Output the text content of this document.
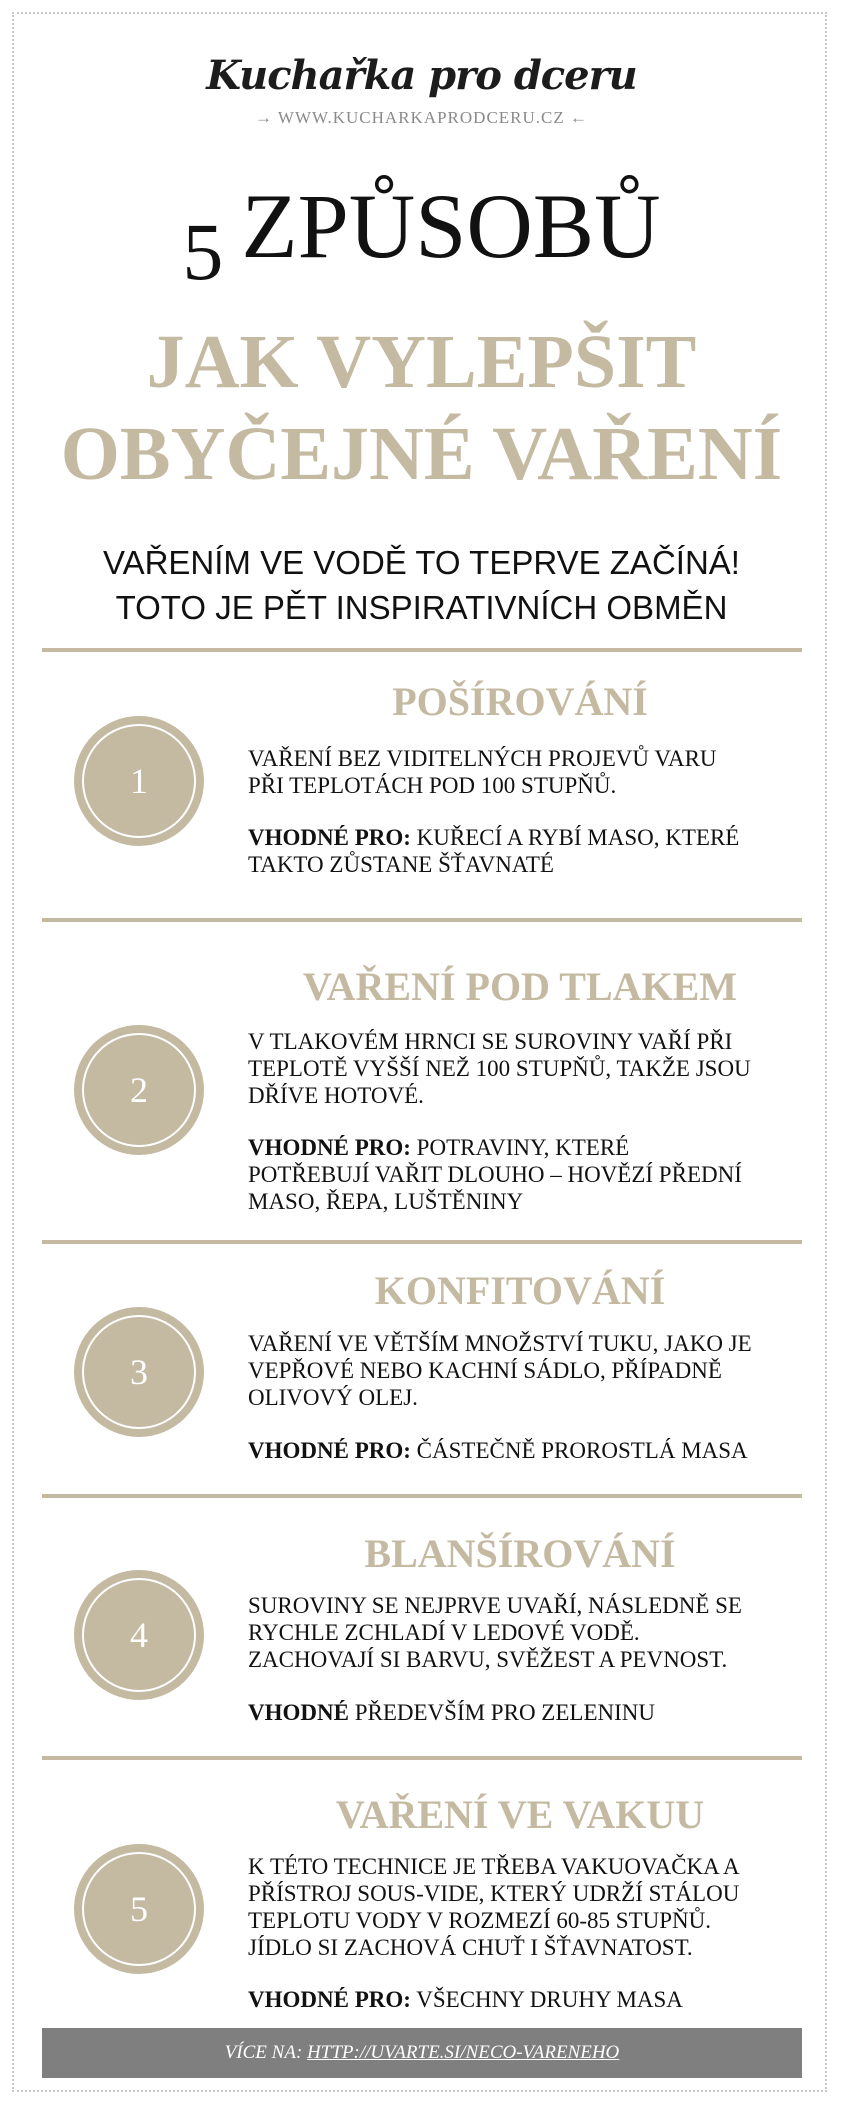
Kuchařka pro dceru
→ WWW.KUCHARKAPRODCERU.CZ ←
5 ZPŮSOBŮ
JAK VYLEPŠIT
OBYČEJNÉ VAŘENÍ
VAŘENÍM VE VODĚ TO TEPRVE ZAČÍNÁ!
TOTO JE PĚT INSPIRATIVNÍCH OBMĚN
POŠÍROVÁNÍ
1
VAŘENÍ BEZ VIDITELNÝCH PROJEVŮ VARU
PŘI TEPLOTÁCH POD 100 STUPŇŮ.
VHODNÉ PRO: KUŘECÍ A RYBÍ MASO, KTERÉ
TAKTO ZŮSTANE ŠŤAVNATÉ
VAŘENÍ POD TLAKEM
2
V TLAKOVÉM HRNCI SE SUROVINY VAŘÍ PŘI
TEPLOTĚ VYŠŠÍ NEŽ 100 STUPŇŮ, TAKŽE JSOU
DŘÍVE HOTOVÉ.
VHODNÉ PRO: POTRAVINY, KTERÉ
POTŘEBUJÍ VAŘIT DLOUHO – HOVĚZÍ PŘEDNÍ
MASO, ŘEPA, LUŠTĚNINY
KONFITOVÁNÍ
3
VAŘENÍ VE VĚTŠÍM MNOŽSTVÍ TUKU, JAKO JE
VEPŘOVÉ NEBO KACHNÍ SÁDLO, PŘÍPADNĚ
OLIVOVÝ OLEJ.
VHODNÉ PRO: ČÁSTEČNĚ PROROSTLÁ MASA
BLANŠÍROVÁNÍ
4
SUROVINY SE NEJPRVE UVAŘÍ, NÁSLEDNĚ SE
RYCHLE ZCHLADÍ V LEDOVÉ VODĚ.
ZACHOVAJÍ SI BARVU, SVĚŽEST A PEVNOST.
VHODNÉ PŘEDEVŠÍM PRO ZELENINU
VAŘENÍ VE VAKUU
5
K TÉTO TECHNICE JE TŘEBA VAKUOVAČKA A
PŘÍSTROJ SOUS-VIDE, KTERÝ UDRŽÍ STÁLOU
TEPLOTU VODY V ROZMEZÍ 60-85 STUPŇŮ.
JÍDLO SI ZACHOVÁ CHUŤ I ŠŤAVNATOST.
VHODNÉ PRO: VŠECHNY DRUHY MASA
VÍCE NA: HTTP://UVARTE.SI/NECO-VARENEHO
